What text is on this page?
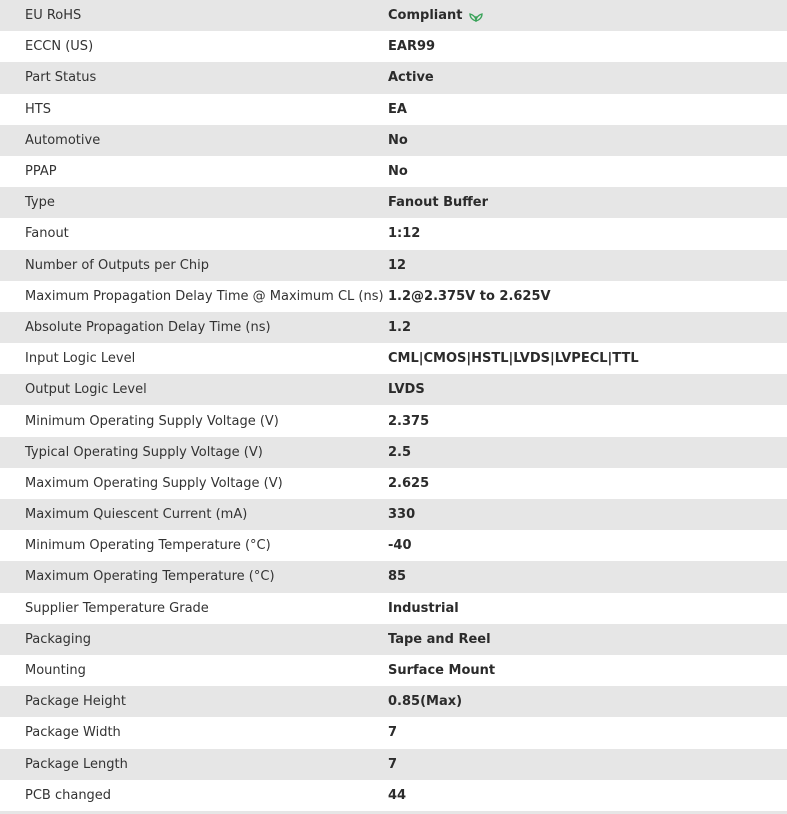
EU RoHS	Compliant
ECCN (US)	EAR99
Part Status	Active
HTS	EA
Automotive	No
PPAP	No
Type	Fanout Buffer
Fanout	1:12
Number of Outputs per Chip	12
Maximum Propagation Delay Time @ Maximum CL (ns) 1.2@2.375V to 2.625V
Absolute Propagation Delay Time (ns)	1.2
Input Logic Level	CML|CMOS|HSTL|LVDS|LVPECL|TTL
Output Logic Level	LVDS
Minimum Operating Supply Voltage (V)	2.375
Typical Operating Supply Voltage (V)	2.5
Maximum Operating Supply Voltage (V)	2.625
Maximum Quiescent Current (mA)	330
Minimum Operating Temperature (°C)	-40
Maximum Operating Temperature (°C)	85
Supplier Temperature Grade	Industrial
Packaging	Tape and Reel
Mounting	Surface Mount
Package Height	0.85(Max)
Package Width	7
Package Length	7
PCB changed	44
